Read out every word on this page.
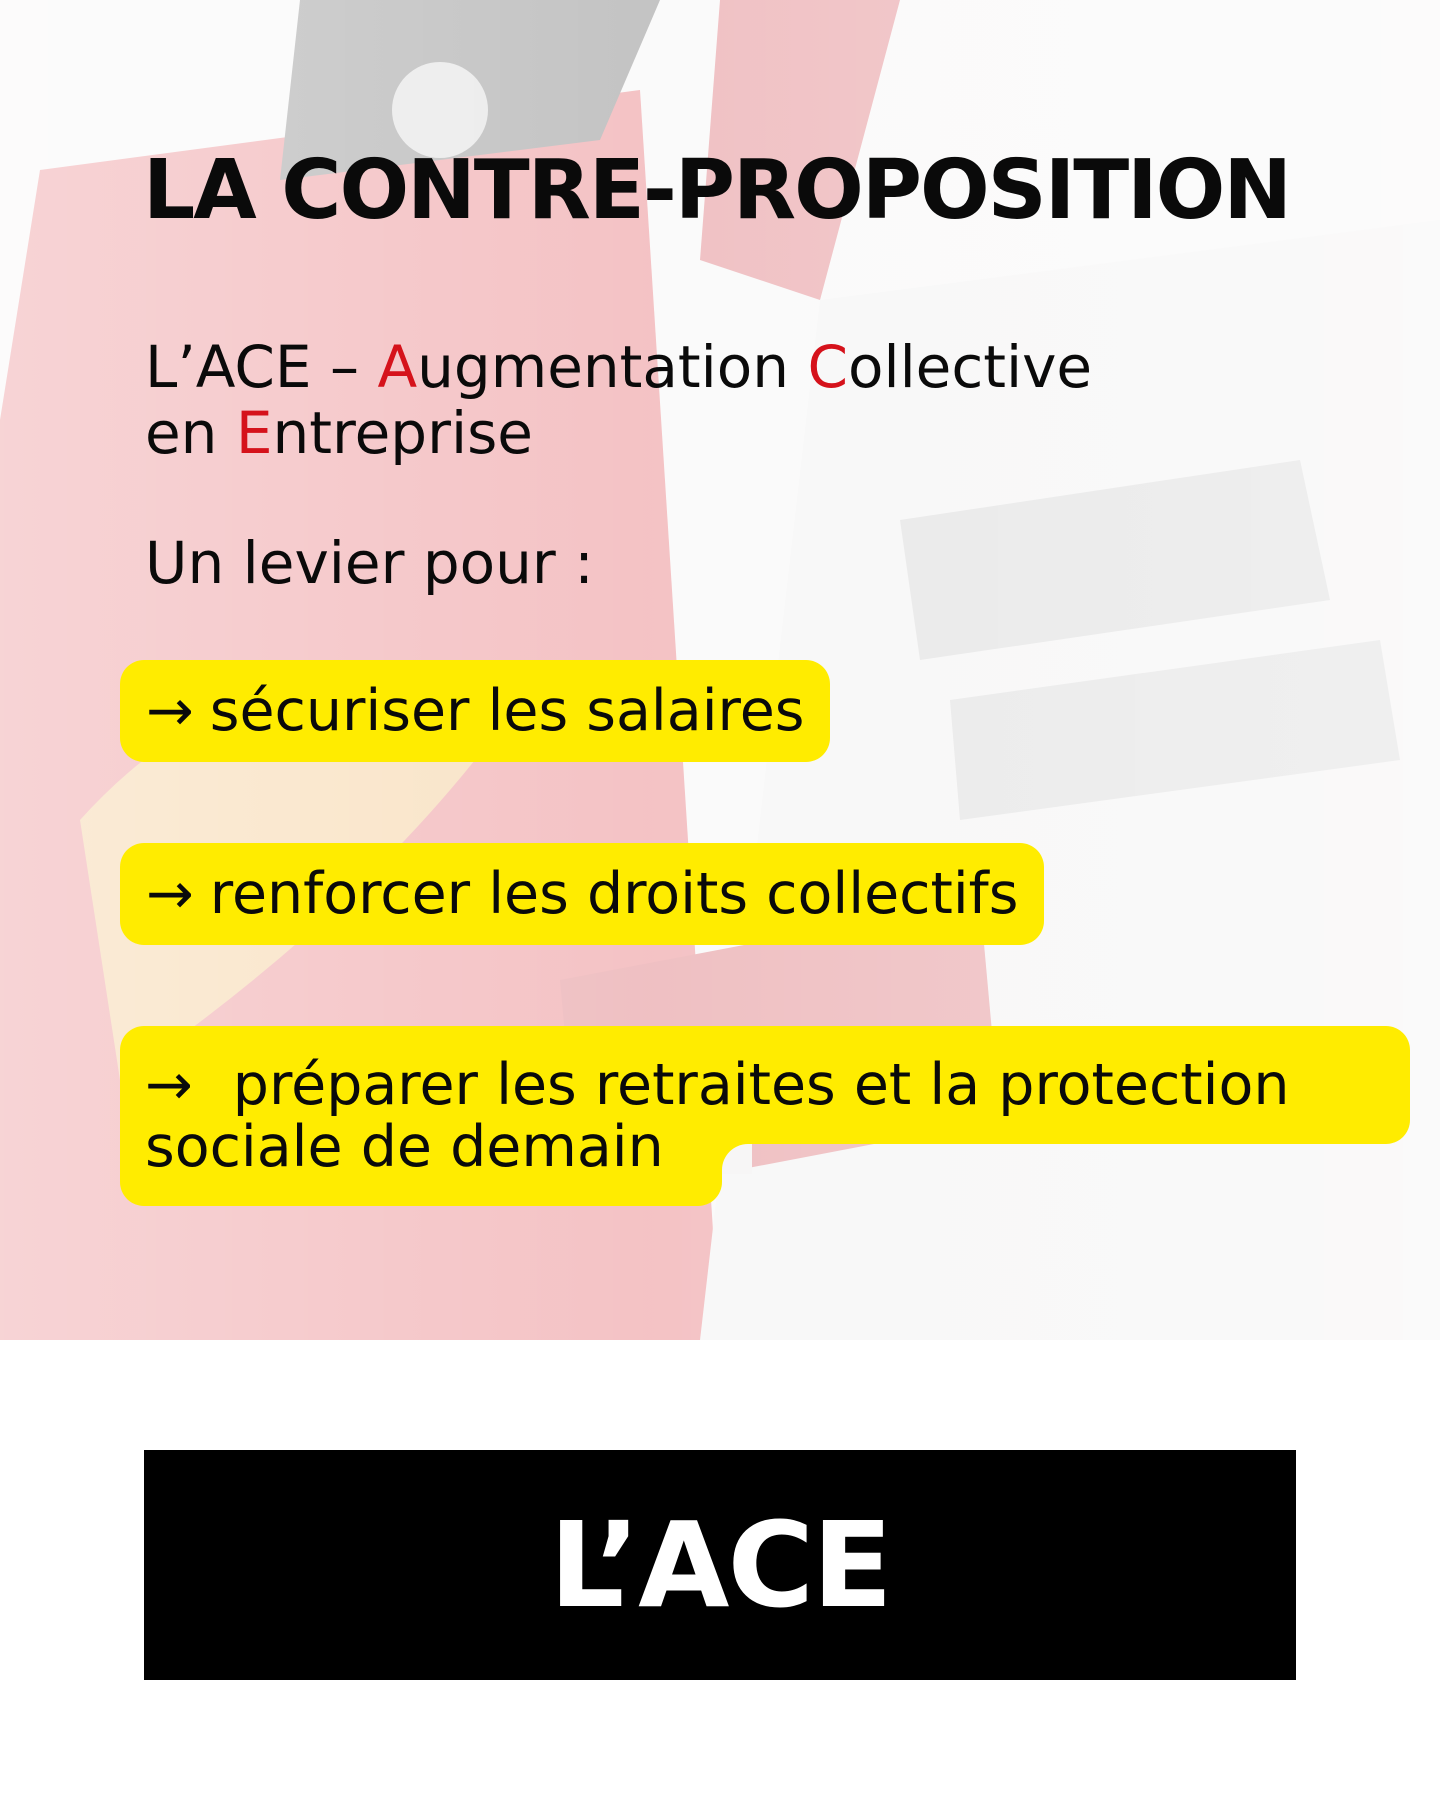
LA CONTRE-PROPOSITION

L’ACE – Augmentation Collective
en Entreprise

Un levier pour :

→ sécuriser les salaires
→ renforcer les droits collectifs

→ préparer les retraites et la protection sociale de demain

L’ACE
